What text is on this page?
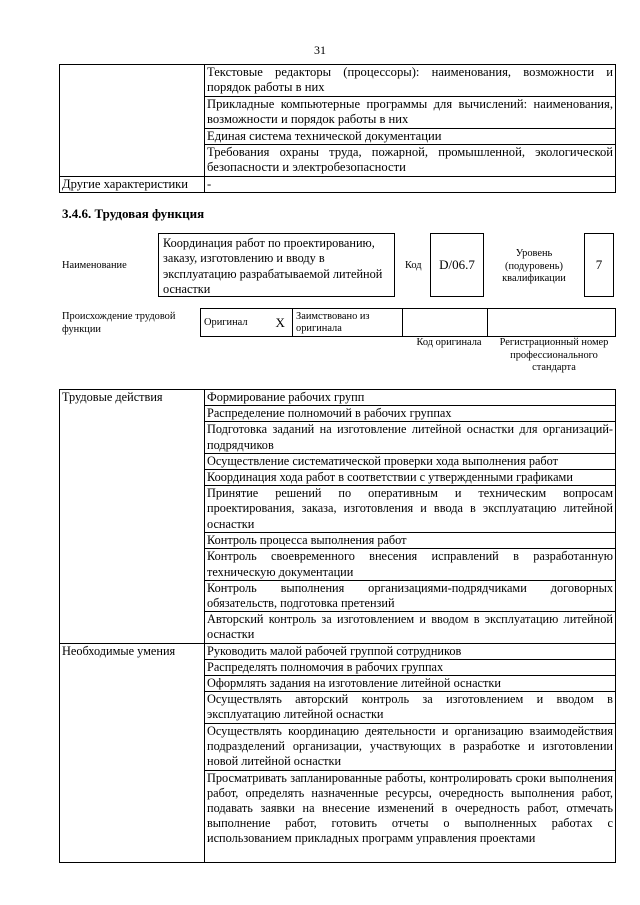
31
	Текстовые редакторы (процессоры): наименования, возможности и порядок работы в них
	Прикладные компьютерные программы для вычислений: наименования, возможности и порядок работы в них
	Единая система технической документации
	Требования охраны труда, пожарной, промышленной, экологической безопасности и электробезопасности
Другие характеристики	-
3.4.6. Трудовая функция
Наименование
Координация работ по проектированию, заказу, изготовлению и вводу в эксплуатацию разрабатываемой литейной оснастки
Код	D/06.7
Уровень (подуровень) квалификации
7
Происхождение трудовой функции
Оригинал	X	Заимствовано из оригинала		
Код оригинала	Регистрационный номер профессионального стандарта
Трудовые действия	Формирование рабочих групп
	Распределение полномочий в рабочих группах
	Подготовка заданий на изготовление литейной оснастки для организаций-подрядчиков
	Осуществление систематической проверки хода выполнения работ
	Координация хода работ в соответствии с утвержденными графиками
	Принятие решений по оперативным и техническим вопросам проектирования, заказа, изготовления и ввода в эксплуатацию литейной оснастки
	Контроль процесса выполнения работ
	Контроль своевременного внесения исправлений в разработанную техническую документации
	Контроль выполнения организациями-подрядчиками договорных обязательств, подготовка претензий
	Авторский контроль за изготовлением и вводом в эксплуатацию литейной оснастки
Необходимые умения	Руководить малой рабочей группой сотрудников
	Распределять полномочия в рабочих группах
	Оформлять задания на изготовление литейной оснастки
	Осуществлять авторский контроль за изготовлением и вводом в эксплуатацию литейной оснастки
	Осуществлять координацию деятельности и организацию взаимодействия подразделений организации, участвующих в разработке и изготовлении новой литейной оснастки
	Просматривать запланированные работы, контролировать сроки выполнения работ, определять назначенные ресурсы, очередность выполнения работ, подавать заявки на внесение изменений в очередность работ, отмечать выполнение работ, готовить отчеты о выполненных работах с использованием прикладных программ управления проектами
